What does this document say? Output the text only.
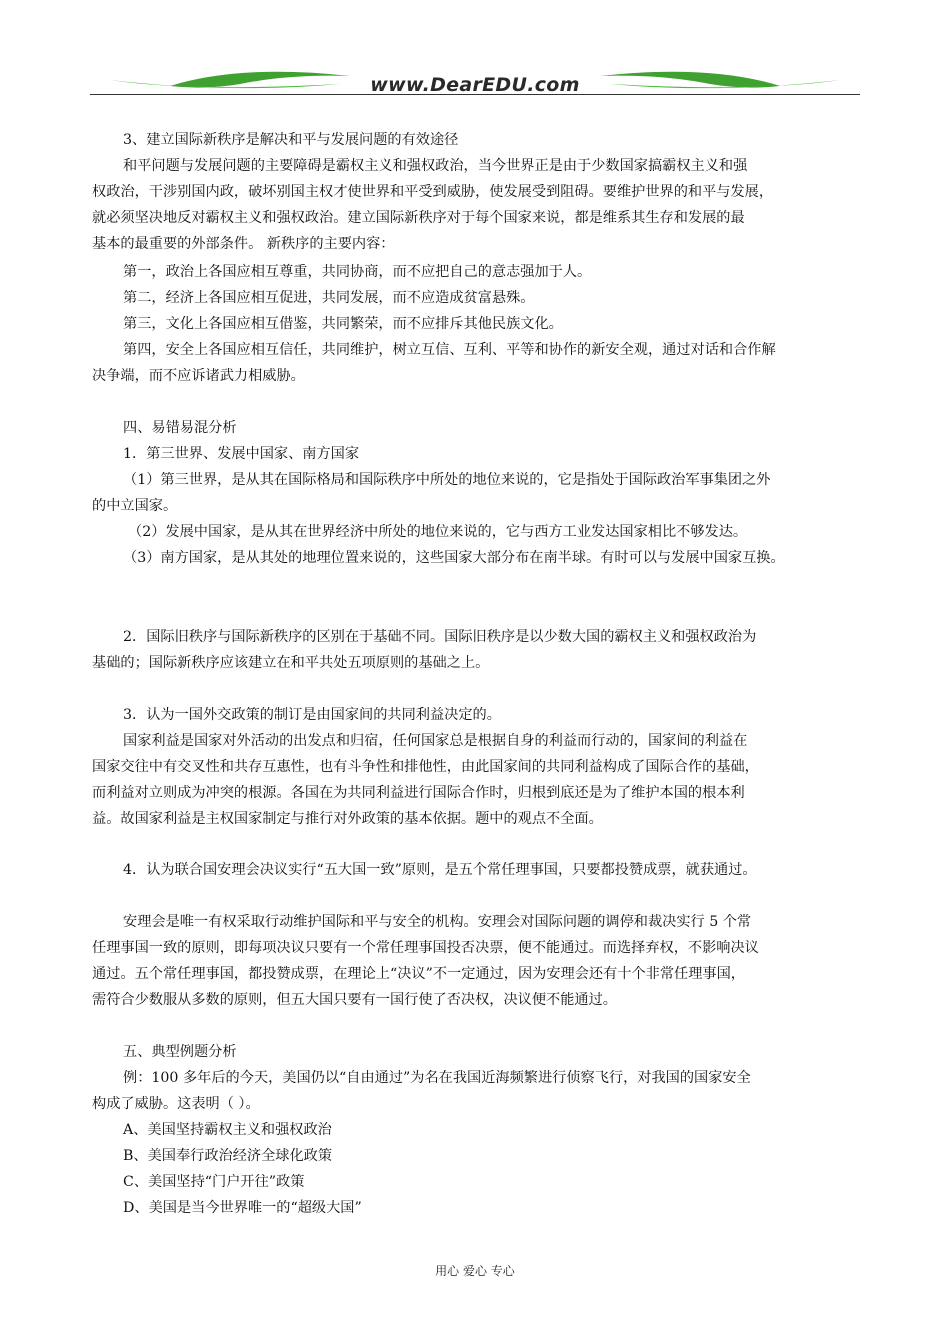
www.DearEDU.com
3、建立国际新秩序是解决和平与发展问题的有效途径
和平问题与发展问题的主要障碍是霸权主义和强权政治，当今世界正是由于少数国家搞霸权主义和强
权政治，干涉别国内政，破坏别国主权才使世界和平受到威胁，使发展受到阻碍。要维护世界的和平与发展，
就必须坚决地反对霸权主义和强权政治。建立国际新秩序对于每个国家来说，都是维系其生存和发展的最
基本的最重要的外部条件。 新秩序的主要内容：
第一，政治上各国应相互尊重，共同协商，而不应把自己的意志强加于人。
第二，经济上各国应相互促进，共同发展，而不应造成贫富悬殊。
第三，文化上各国应相互借鉴，共同繁荣，而不应排斥其他民族文化。
第四，安全上各国应相互信任，共同维护，树立互信、互利、平等和协作的新安全观，通过对话和合作解
决争端，而不应诉诸武力相威胁。
四、易错易混分析
1．第三世界、发展中国家、南方国家
（1）第三世界，是从其在国际格局和国际秩序中所处的地位来说的，它是指处于国际政治军事集团之外
的中立国家。
（2）发展中国家，是从其在世界经济中所处的地位来说的，它与西方工业发达国家相比不够发达。
（3）南方国家，是从其处的地理位置来说的，这些国家大部分布在南半球。有时可以与发展中国家互换。
2．国际旧秩序与国际新秩序的区别在于基础不同。国际旧秩序是以少数大国的霸权主义和强权政治为
基础的；国际新秩序应该建立在和平共处五项原则的基础之上。
3．认为一国外交政策的制订是由国家间的共同利益决定的。
国家利益是国家对外活动的出发点和归宿，任何国家总是根据自身的利益而行动的，国家间的利益在
国家交往中有交叉性和共存互惠性，也有斗争性和排他性，由此国家间的共同利益构成了国际合作的基础，
而利益对立则成为冲突的根源。各国在为共同利益进行国际合作时，归根到底还是为了维护本国的根本利
益。故国家利益是主权国家制定与推行对外政策的基本依据。题中的观点不全面。
4．认为联合国安理会决议实行“五大国一致”原则，是五个常任理事国，只要都投赞成票，就获通过。
安理会是唯一有权采取行动维护国际和平与安全的机构。安理会对国际问题的调停和裁决实行 5 个常
任理事国一致的原则，即每项决议只要有一个常任理事国投否决票，便不能通过。而选择弃权，不影响决议
通过。五个常任理事国，都投赞成票，在理论上“决议”不一定通过，因为安理会还有十个非常任理事国，
需符合少数服从多数的原则，但五大国只要有一国行使了否决权，决议便不能通过。
五、典型例题分析
例：100 多年后的今天，美国仍以“自由通过”为名在我国近海频繁进行侦察飞行，对我国的国家安全
构成了威胁。这表明（ ）。
A、美国坚持霸权主义和强权政治
B、美国奉行政治经济全球化政策
C、美国坚持“门户开往”政策
D、美国是当今世界唯一的“超级大国”
用心 爱心 专心
